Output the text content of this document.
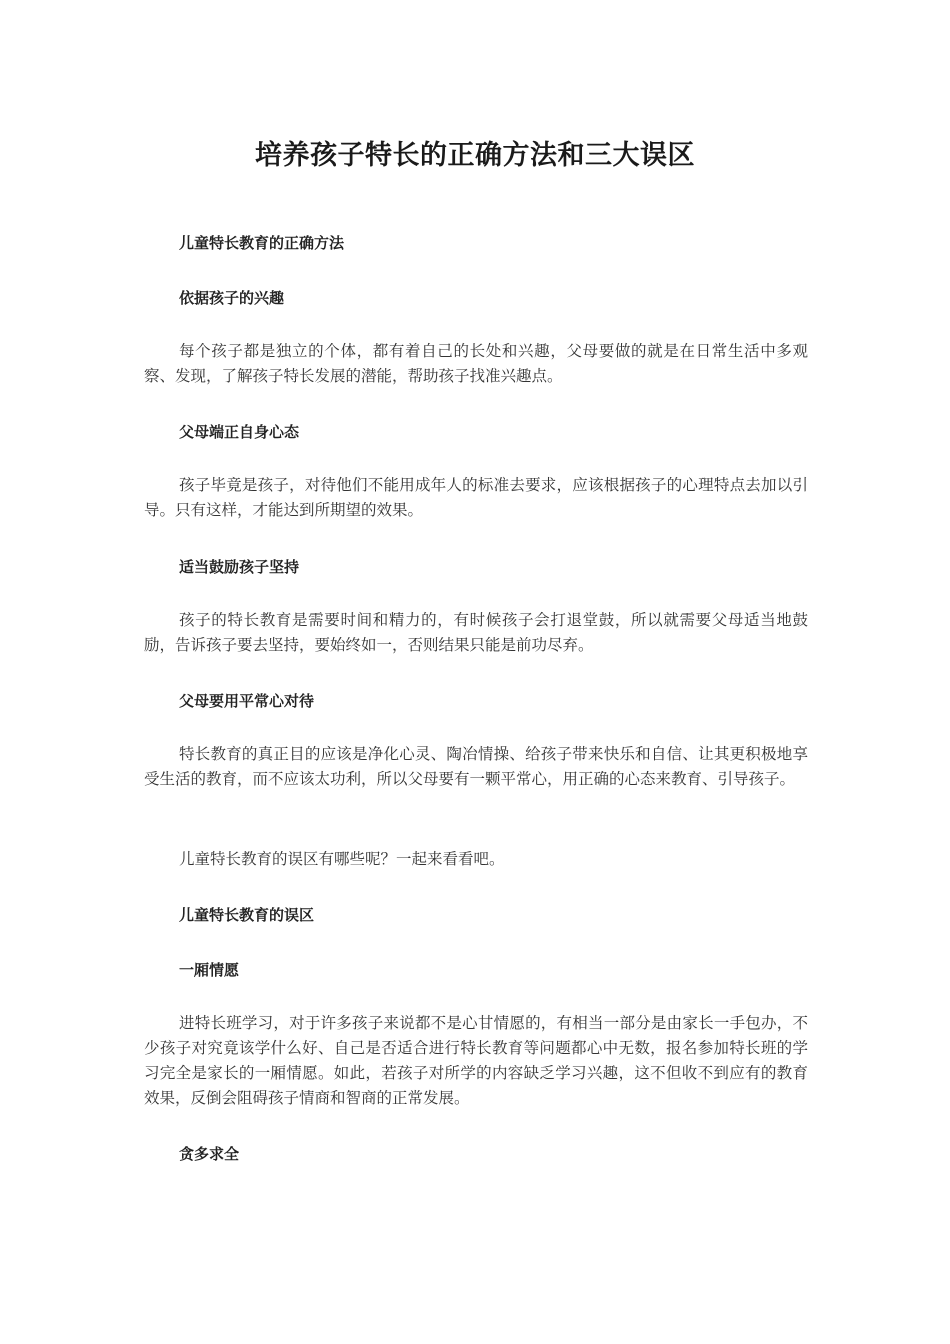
培养孩子特长的正确方法和三大误区
儿童特长教育的正确方法
依据孩子的兴趣
每个孩子都是独立的个体，都有着自己的长处和兴趣，父母要做的就是在日常生活中多观察、发现，了解孩子特长发展的潜能，帮助孩子找准兴趣点。
父母端正自身心态
孩子毕竟是孩子，对待他们不能用成年人的标准去要求，应该根据孩子的心理特点去加以引导。只有这样，才能达到所期望的效果。
适当鼓励孩子坚持
孩子的特长教育是需要时间和精力的，有时候孩子会打退堂鼓，所以就需要父母适当地鼓励，告诉孩子要去坚持，要始终如一，否则结果只能是前功尽弃。
父母要用平常心对待
特长教育的真正目的应该是净化心灵、陶冶情操、给孩子带来快乐和自信、让其更积极地享受生活的教育，而不应该太功利，所以父母要有一颗平常心，用正确的心态来教育、引导孩子。
儿童特长教育的误区有哪些呢？一起来看看吧。
儿童特长教育的误区
一厢情愿
进特长班学习，对于许多孩子来说都不是心甘情愿的，有相当一部分是由家长一手包办，不少孩子对究竟该学什么好、自己是否适合进行特长教育等问题都心中无数，报名参加特长班的学习完全是家长的一厢情愿。如此，若孩子对所学的内容缺乏学习兴趣，这不但收不到应有的教育效果，反倒会阻碍孩子情商和智商的正常发展。
贪多求全
